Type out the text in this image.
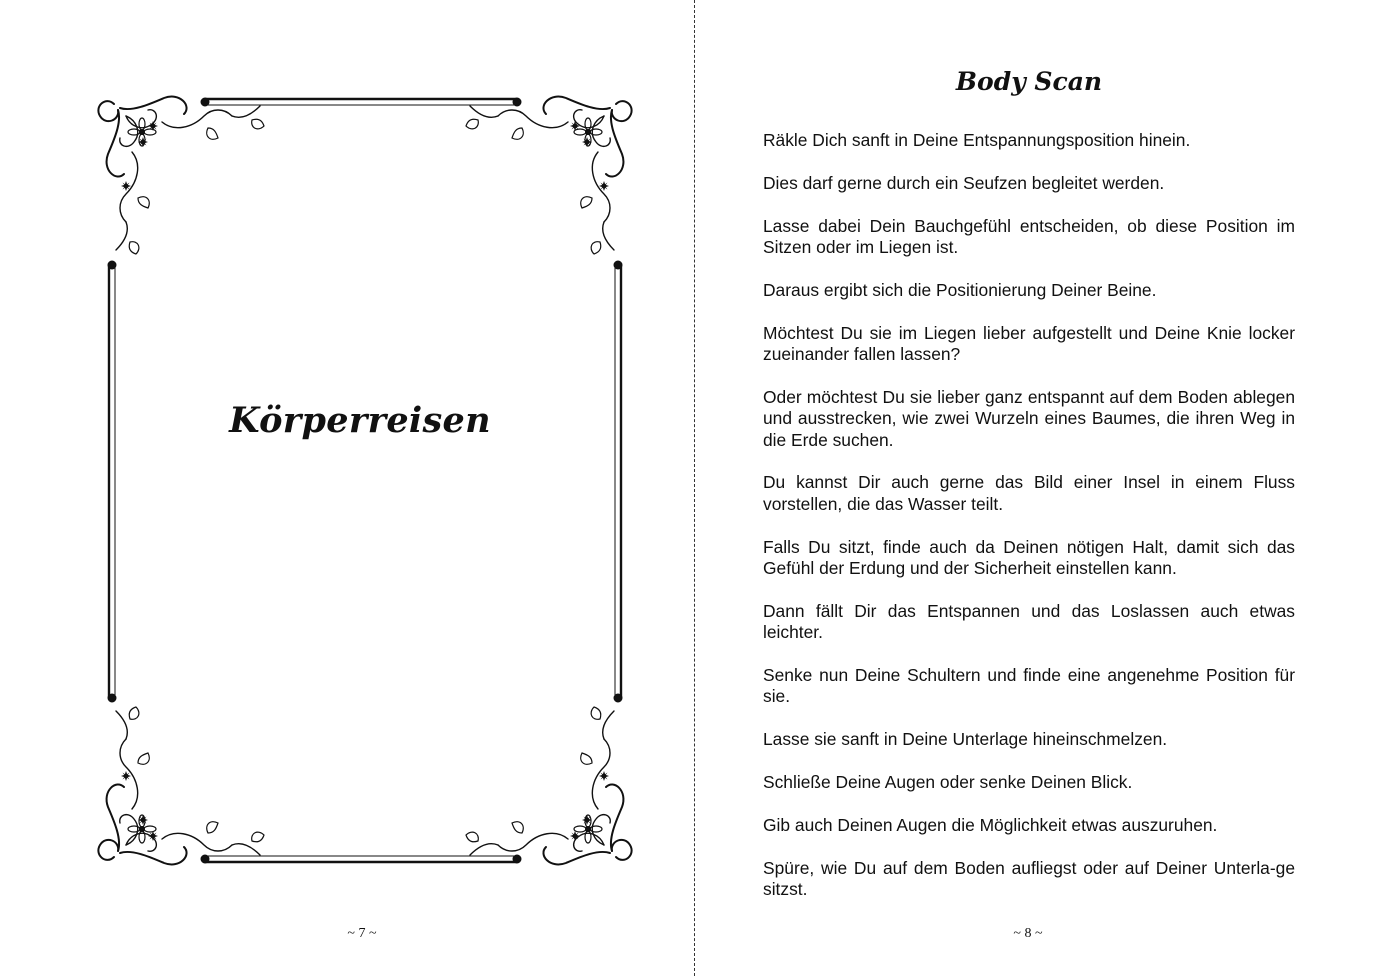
Körperreisen
~ 7 ~
Body Scan

Räkle Dich sanft in Deine Entspannungsposition hinein.

Dies darf gerne durch ein Seufzen begleitet werden.

Lasse dabei Dein Bauchgefühl entscheiden, ob diese Position im Sitzen oder im Liegen ist.

Daraus ergibt sich die Positionierung Deiner Beine.

Möchtest Du sie im Liegen lieber aufgestellt und Deine Knie locker zueinander fallen lassen?

Oder möchtest Du sie lieber ganz entspannt auf dem Boden ablegen und ausstrecken, wie zwei Wurzeln eines Baumes, die ihren Weg in die Erde suchen.

Du kannst Dir auch gerne das Bild einer Insel in einem Fluss vorstellen, die das Wasser teilt.

Falls Du sitzt, finde auch da Deinen nötigen Halt, damit sich das Gefühl der Erdung und der Sicherheit einstellen kann.

Dann fällt Dir das Entspannen und das Loslassen auch etwas leichter.

Senke nun Deine Schultern und finde eine angenehme Position für sie.

Lasse sie sanft in Deine Unterlage hineinschmelzen.

Schließe Deine Augen oder senke Deinen Blick.

Gib auch Deinen Augen die Möglichkeit etwas auszuruhen.

Spüre, wie Du auf dem Boden aufliegst oder auf Deiner Unterla-ge sitzst.

~ 8 ~
